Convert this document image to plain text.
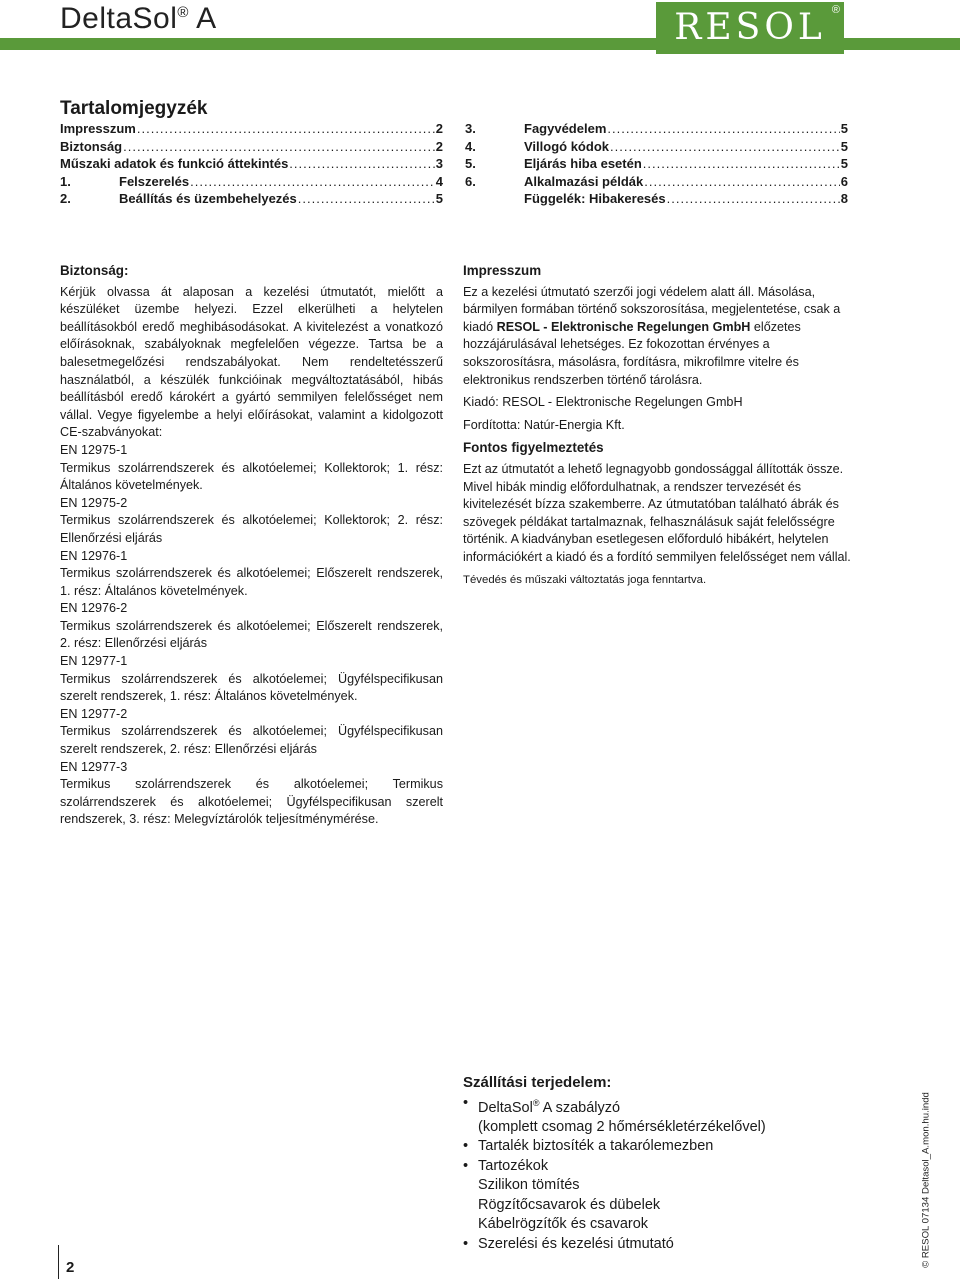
DeltaSol® A	RESOL ®
Tartalomjegyzék
Impresszum .....	2
Biztonság .....	2
Műszaki adatok és funkció áttekintés .....	3
1.	Felszerelés .....	4
2.	Beállítás és üzembehelyezés .....	5
3.	Fagyvédelem .....	5
4.	Villogó kódok .....	5
5.	Eljárás hiba esetén .....	5
6.	Alkalmazási példák .....	6
Függelék: Hibakeresés .....	8
Biztonság:

Kérjük olvassa át alaposan a kezelési útmutatót, mielőtt a készüléket üzembe helyezi. Ezzel elkerülheti a helytelen beállításokból eredő meghibásodásokat. A kivitelezést a vonatkozó előírásoknak, szabályoknak megfelelően végezze. Tartsa be a balesetmegelőzési rendszabályokat. Nem rendeltetésszerű használatból, a készülék funkcióinak megváltoztatásából, hibás beállításból eredő károkért a gyártó semmilyen felelősséget nem vállal. Vegye figyelembe a helyi előírásokat, valamint a kidolgozott CE-szabványokat:

EN 12975-1
Termikus szolárrendszerek és alkotóelemei; Kollektorok; 1. rész: Általános követelmények.
EN 12975-2
Termikus szolárrendszerek és alkotóelemei; Kollektorok; 2. rész: Ellenőrzési eljárás
EN 12976-1
Termikus szolárrendszerek és alkotóelemei; Előszerelt rendszerek, 1. rész: Általános követelmények.
EN 12976-2
Termikus szolárrendszerek és alkotóelemei; Előszerelt rendszerek, 2. rész: Ellenőrzési eljárás
EN 12977-1
Termikus szolárrendszerek és alkotóelemei; Ügyfélspecifikusan szerelt rendszerek, 1. rész: Általános követelmények.
EN 12977-2
Termikus szolárrendszerek és alkotóelemei; Ügyfélspecifikusan szerelt rendszerek, 2. rész: Ellenőrzési eljárás
EN 12977-3
Termikus szolárrendszerek és alkotóelemei; Termikus szolárrendszerek és alkotóelemei; Ügyfélspecifikusan szerelt rendszerek, 3. rész: Melegvíztárolók teljesítménymérése.
Impresszum

Ez a kezelési útmutató szerzői jogi védelem alatt áll. Másolása, bármilyen formában történő sokszorosítása, megjelentetése, csak a kiadó RESOL - Elektronische Regelungen GmbH előzetes hozzájárulásával lehetséges. Ez fokozottan érvényes a sokszorosításra, másolásra, fordításra, mikrofilmre vitelre és elektronikus rendszerben történő tárolásra.

Kiadó: RESOL - Elektronische Regelungen GmbH

Fordította: Natúr-Energia Kft.

Fontos figyelmeztetés

Ezt az útmutatót a lehető legnagyobb gondossággal állították össze. Mivel hibák mindig előfordulhatnak, a rendszer tervezését és kivitelezését bízza szakemberre. Az útmutatóban található ábrák és szövegek példákat tartalmaznak, felhasználásuk saját felelősségre történik. A kiadványban esetlegesen előforduló hibákért, helytelen információkért a kiadó és a fordító semmilyen felelősséget nem vállal.

Tévedés és műszaki változtatás joga fenntartva.

Szállítási terjedelem:
• DeltaSol® A szabályzó
(komplett csomag 2 hőmérsékletérzékelővel)
• Tartalék biztosíték a takarólemezben
• Tartozékok
Szilikon tömítés
Rögzítőcsavarok és dübelek
Kábelrögzítők és csavarok
• Szerelési és kezelési útmutató
2	© RESOL 07134 Deltasol_A.mon.hu.indd
